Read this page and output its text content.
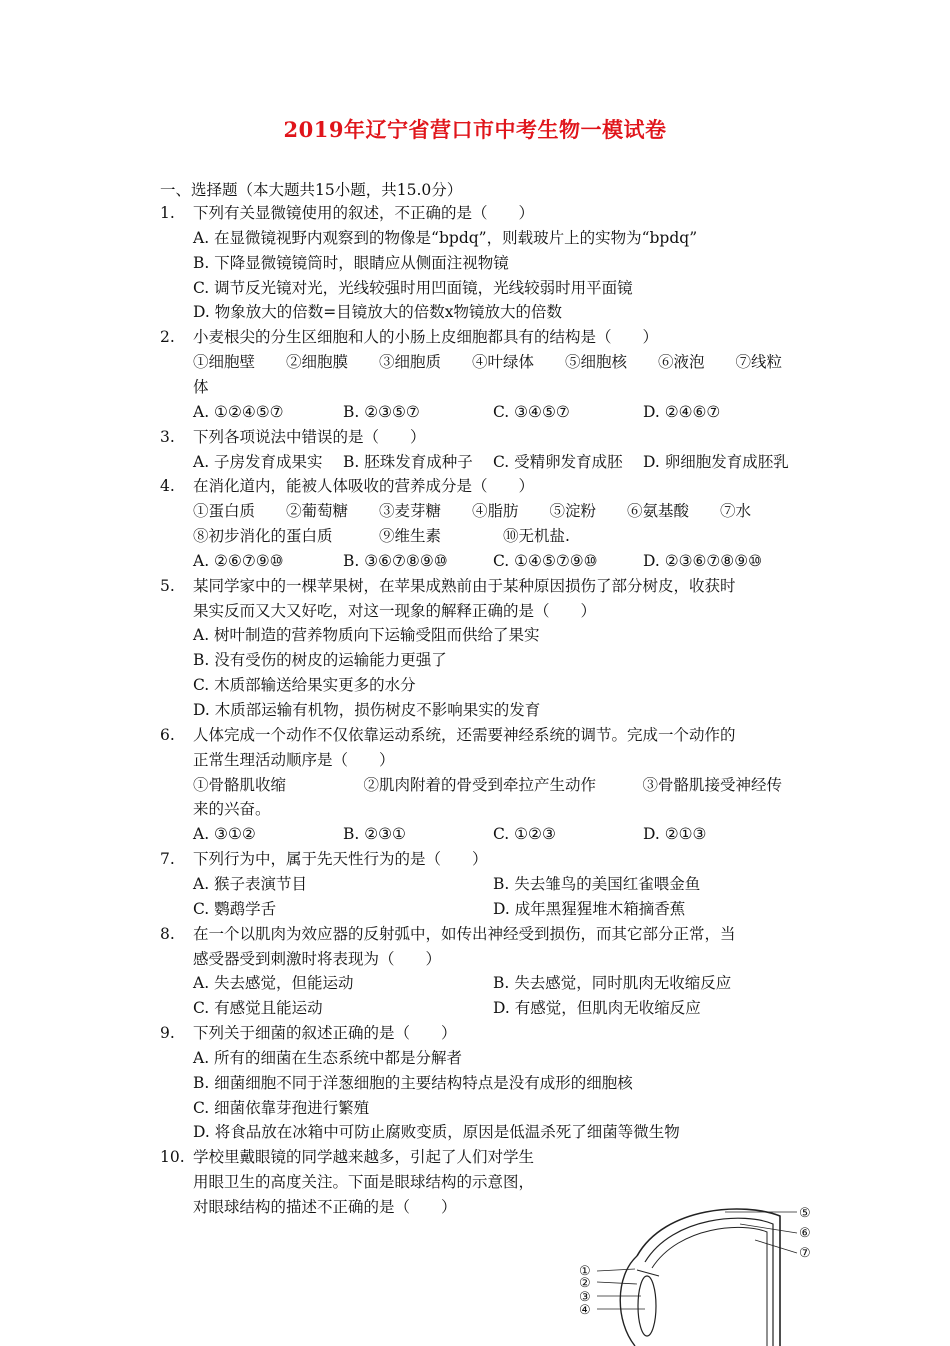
2019年辽宁省营口市中考生物一模试卷
一、选择题（本大题共15小题，共15.0分）
1. 下列有关显微镜使用的叙述，不正确的是（　　）
A. 在显微镜视野内观察到的物像是“bpdq”，则载玻片上的实物为“bpdq”
B. 下降显微镜镜筒时，眼睛应从侧面注视物镜
C. 调节反光镜对光，光线较强时用凹面镜，光线较弱时用平面镜
D. 物象放大的倍数=目镜放大的倍数x物镜放大的倍数
2. 小麦根尖的分生区细胞和人的小肠上皮细胞都具有的结构是（　　）
①细胞壁　　②细胞膜　　③细胞质　　④叶绿体　　⑤细胞核　　⑥液泡　　⑦线粒
体
A. ①②④⑤⑦	B. ②③⑤⑦	C. ③④⑤⑦	D. ②④⑥⑦
3. 下列各项说法中错误的是（　　）
A. 子房发育成果实 B. 胚珠发育成种子 C. 受精卵发育成胚 D. 卵细胞发育成胚乳
4. 在消化道内，能被人体吸收的营养成分是（　　）
①蛋白质　　②葡萄糖　　③麦芽糖　　④脂肪　　⑤淀粉　　⑥氨基酸　　⑦水
⑧初步消化的蛋白质　　　⑨维生素　　　　⑩无机盐.
A. ②⑥⑦⑨⑩	B. ③⑥⑦⑧⑨⑩	C. ①④⑤⑦⑨⑩	D. ②③⑥⑦⑧⑨⑩
5. 某同学家中的一棵苹果树，在苹果成熟前由于某种原因损伤了部分树皮，收获时
果实反而又大又好吃，对这一现象的解释正确的是（　　）
A. 树叶制造的营养物质向下运输受阻而供给了果实
B. 没有受伤的树皮的运输能力更强了
C. 木质部输送给果实更多的水分
D. 木质部运输有机物，损伤树皮不影响果实的发育
6. 人体完成一个动作不仅依靠运动系统，还需要神经系统的调节。完成一个动作的
正常生理活动顺序是（　　）
①骨骼肌收缩　　　　　②肌肉附着的骨受到牵拉产生动作　　　③骨骼肌接受神经传
来的兴奋。
A. ③①②	B. ②③①	C. ①②③	D. ②①③
7. 下列行为中，属于先天性行为的是（　　）
A. 猴子表演节目	B. 失去雏鸟的美国红雀喂金鱼
C. 鹦鹉学舌	D. 成年黑猩猩堆木箱摘香蕉
8. 在一个以肌肉为效应器的反射弧中，如传出神经受到损伤，而其它部分正常，当
感受器受到刺激时将表现为（　　）
A. 失去感觉，但能运动	B. 失去感觉，同时肌肉无收缩反应
C. 有感觉且能运动	D. 有感觉，但肌肉无收缩反应
9. 下列关于细菌的叙述正确的是（　　）
A. 所有的细菌在生态系统中都是分解者
B. 细菌细胞不同于洋葱细胞的主要结构特点是没有成形的细胞核
C. 细菌依靠芽孢进行繁殖
D. 将食品放在冰箱中可防止腐败变质，原因是低温杀死了细菌等微生物
10. 学校里戴眼镜的同学越来越多，引起了人们对学生
用眼卫生的高度关注。下面是眼球结构的示意图，
对眼球结构的描述不正确的是（　　）
①
②
③
④
⑤
⑥
⑦
